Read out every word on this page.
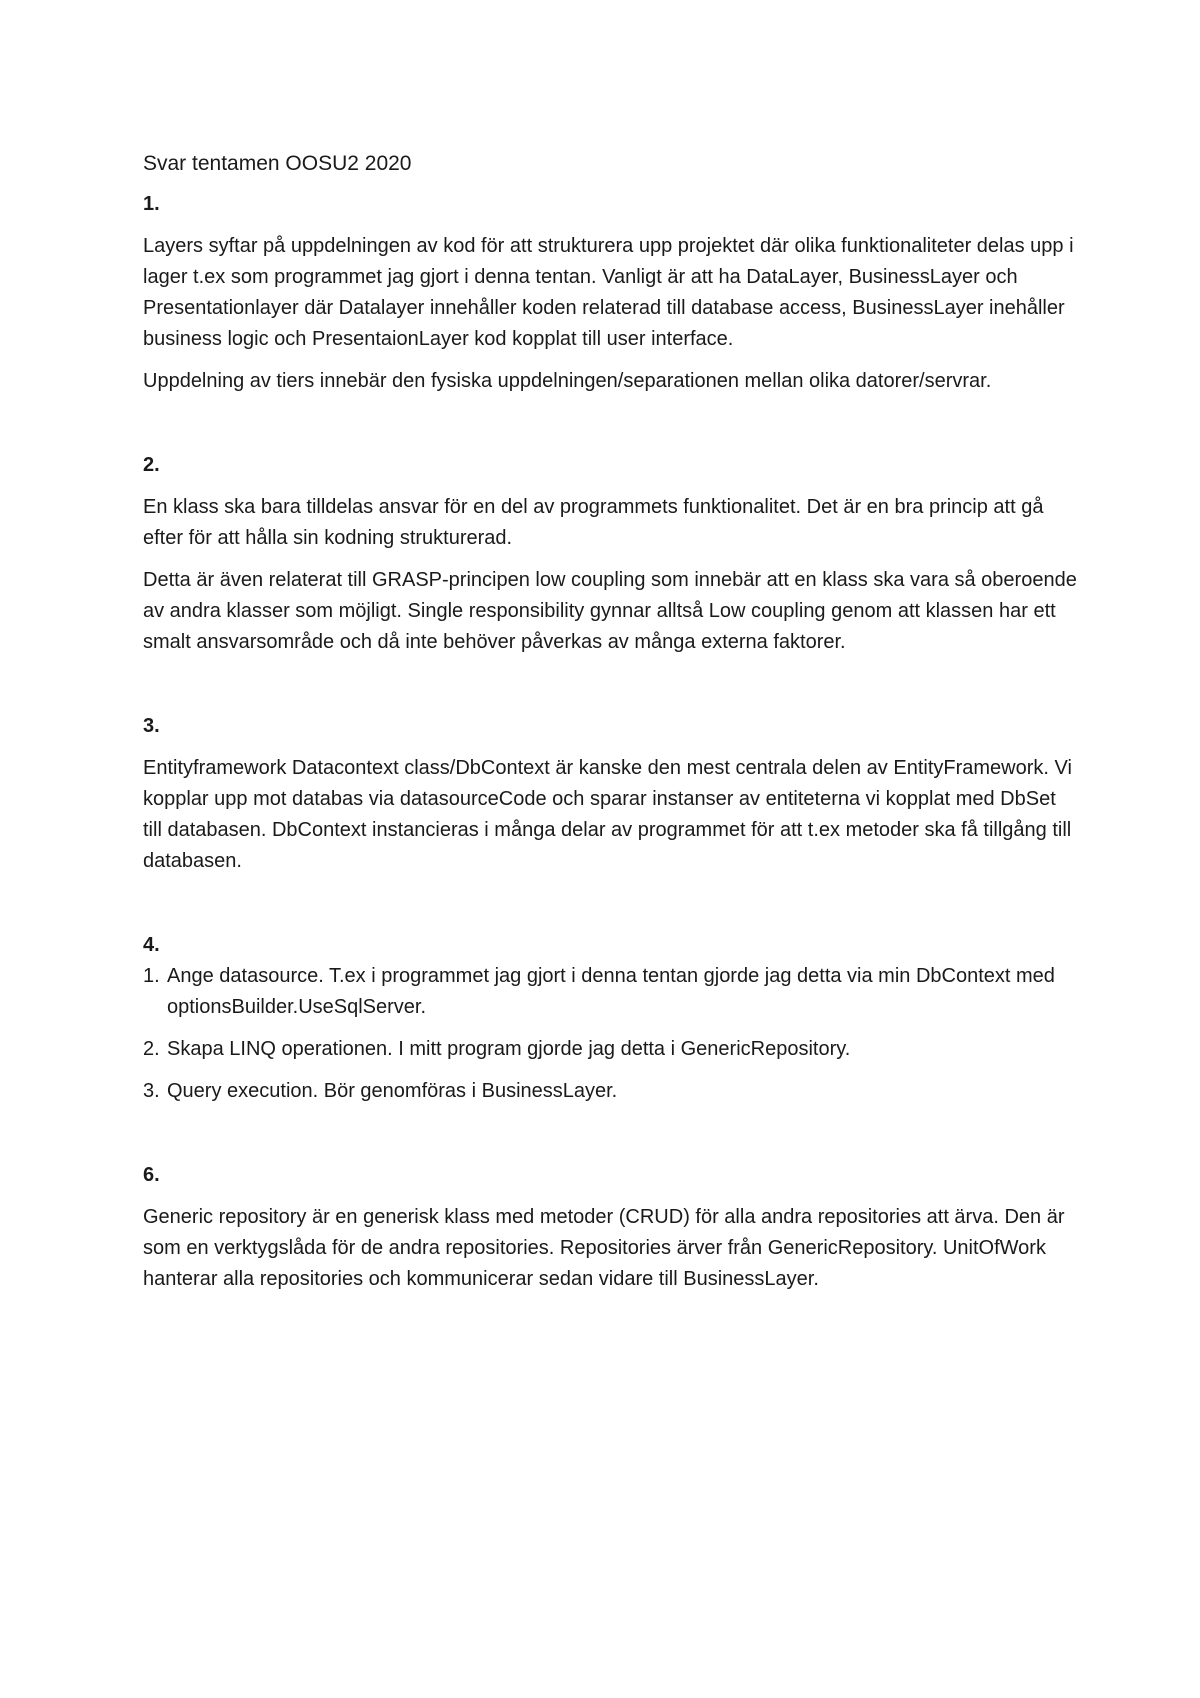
Svar tentamen OOSU2 2020

1.

Layers syftar på uppdelningen av kod för att strukturera upp projektet där olika funktionaliteter delas upp i lager t.ex som programmet jag gjort i denna tentan. Vanligt är att ha DataLayer, BusinessLayer och Presentationlayer där Datalayer innehåller koden relaterad till database access, BusinessLayer inehåller business logic och PresentaionLayer kod kopplat till user interface.

Uppdelning av tiers innebär den fysiska uppdelningen/separationen mellan olika datorer/servrar.

2.

En klass ska bara tilldelas ansvar för en del av programmets funktionalitet. Det är en bra princip att gå efter för att hålla sin kodning strukturerad.

Detta är även relaterat till GRASP-principen low coupling som innebär att en klass ska vara så oberoende av andra klasser som möjligt. Single responsibility gynnar alltså Low coupling genom att klassen har ett smalt ansvarsområde och då inte behöver påverkas av många externa faktorer.

3.

Entityframework Datacontext class/DbContext är kanske den mest centrala delen av EntityFramework. Vi kopplar upp mot databas via datasourceCode och sparar instanser av entiteterna vi kopplat med DbSet till databasen. DbContext instancieras i många delar av programmet för att t.ex metoder ska få tillgång till databasen.

4.

1. Ange datasource. T.ex i programmet jag gjort i denna tentan gjorde jag detta via min DbContext med optionsBuilder.UseSqlServer.

2. Skapa LINQ operationen. I mitt program gjorde jag detta i GenericRepository.

3. Query execution. Bör genomföras i BusinessLayer.

6.

Generic repository är en generisk klass med metoder (CRUD) för alla andra repositories att ärva. Den är som en verktygslåda för de andra repositories. Repositories ärver från GenericRepository. UnitOfWork hanterar alla repositories och kommunicerar sedan vidare till BusinessLayer.
